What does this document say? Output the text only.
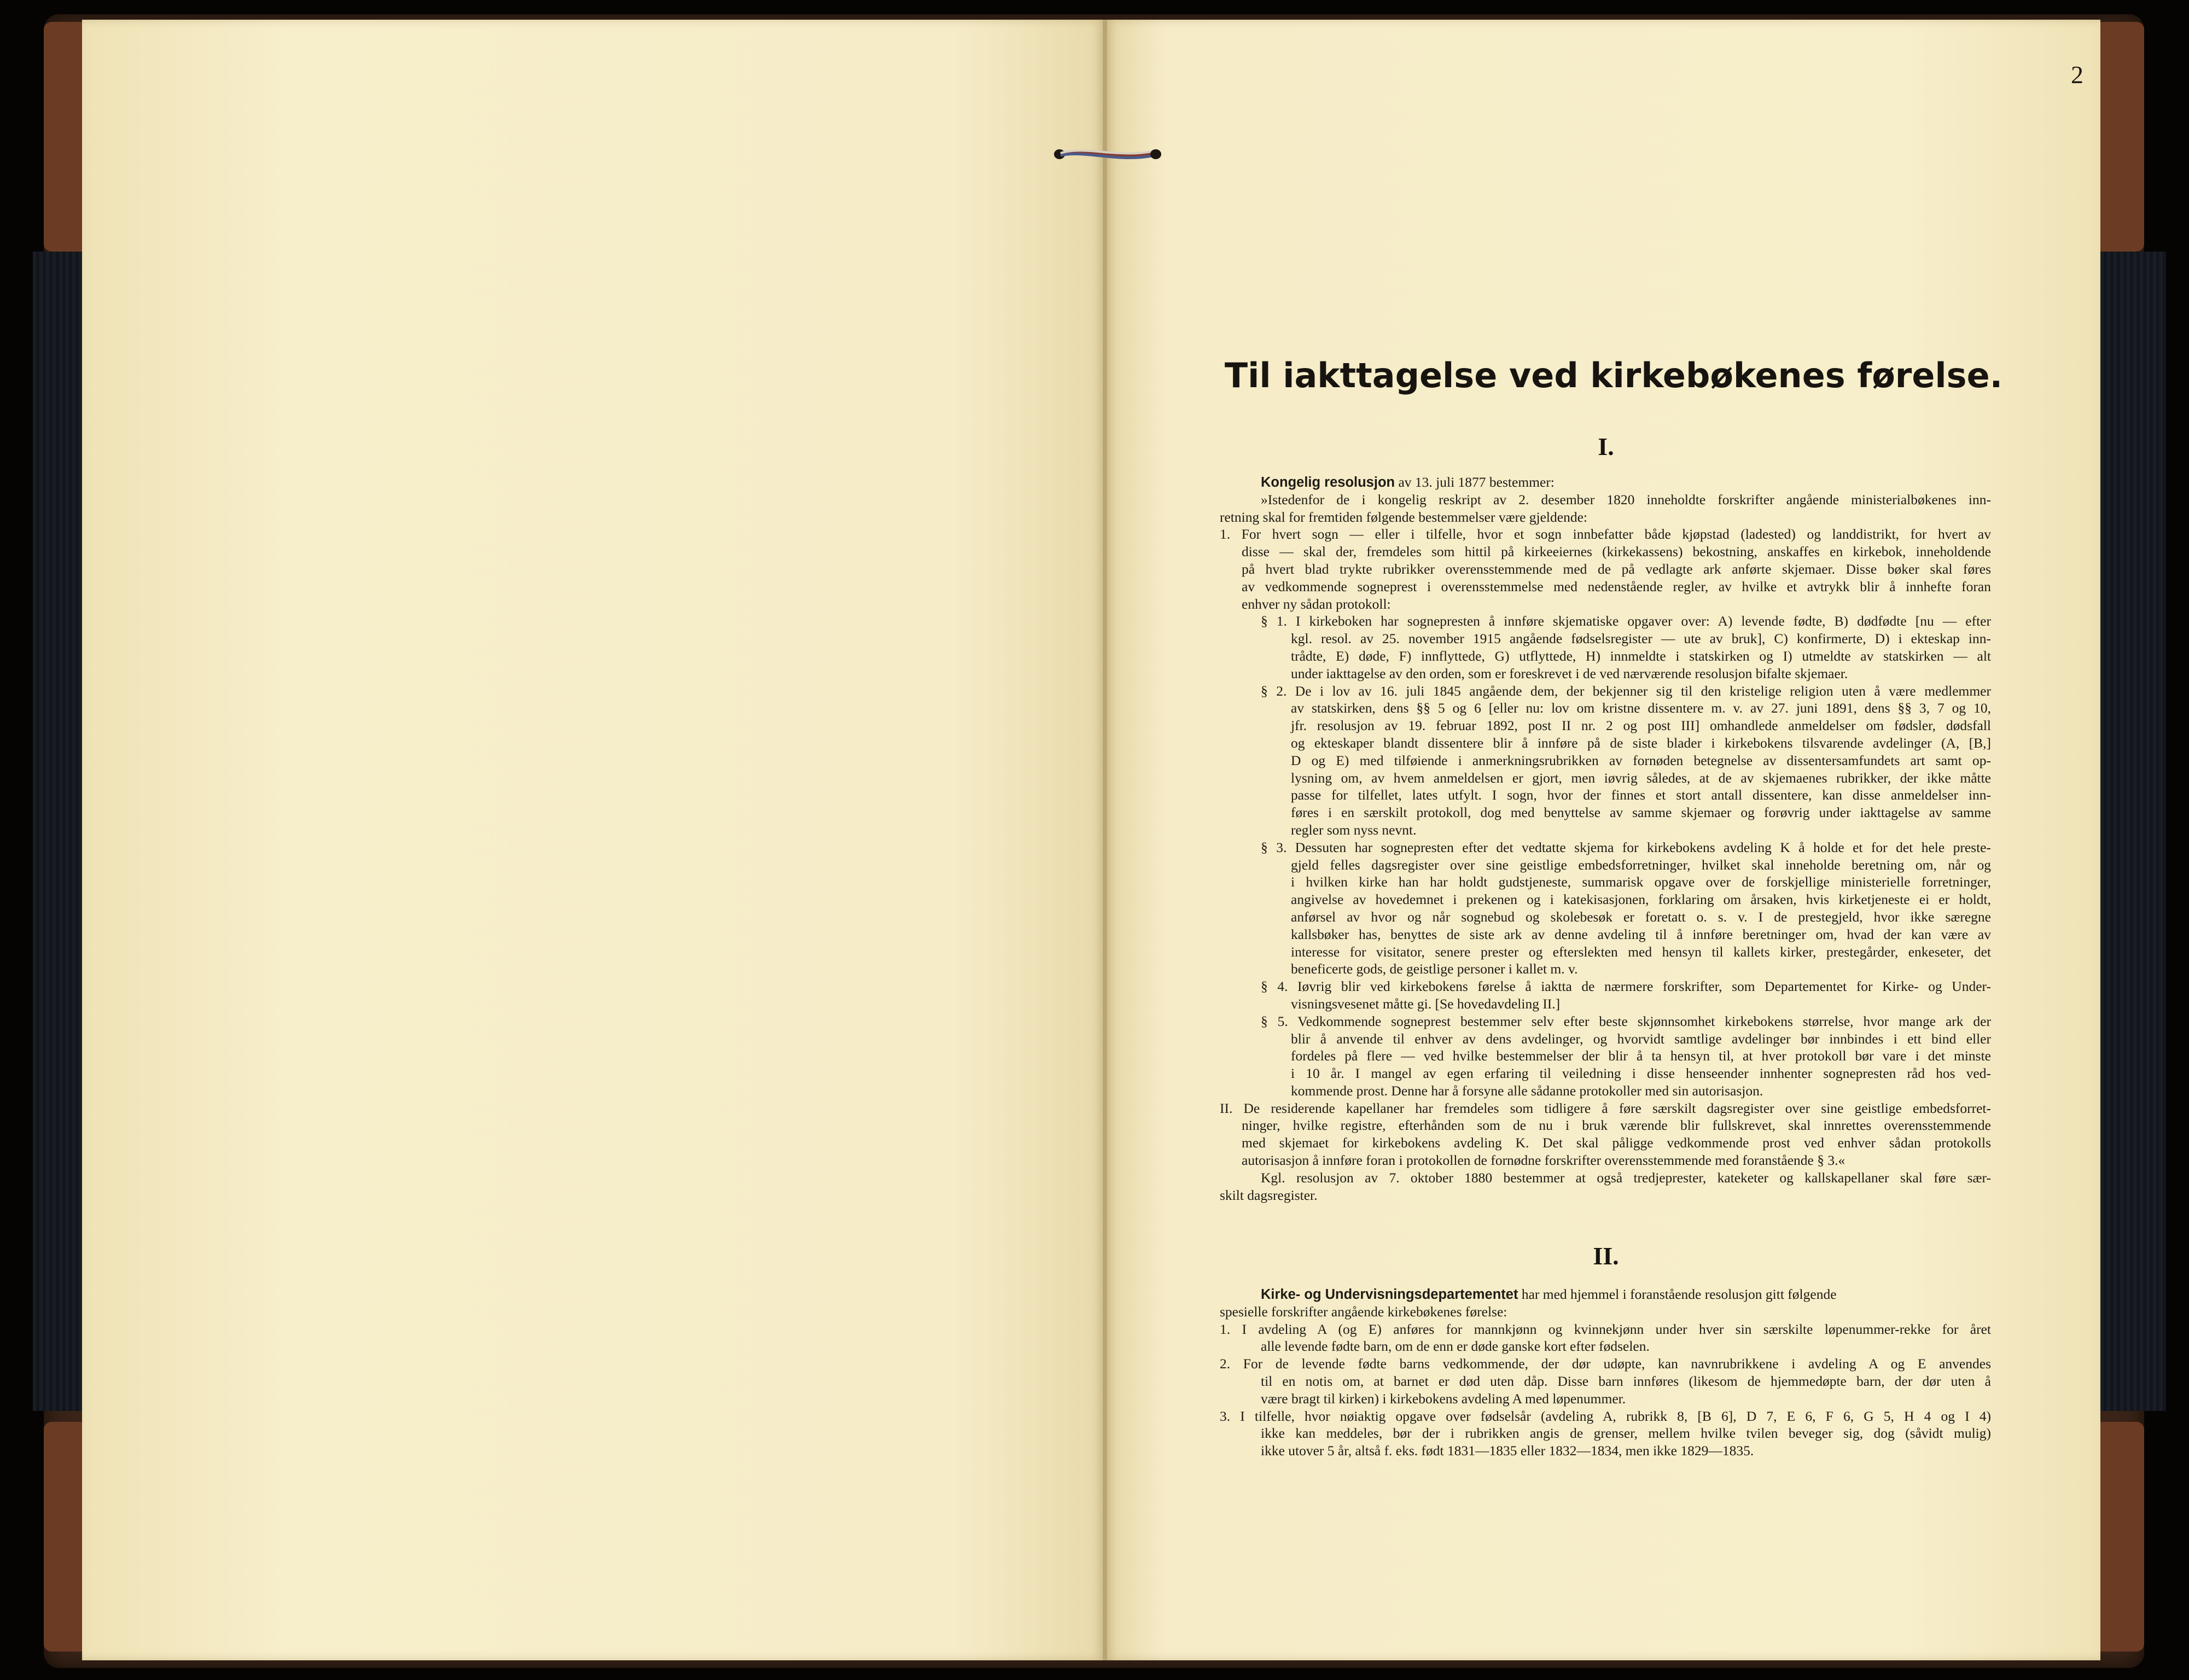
2
Til iakttagelse ved kirkebøkenes førelse.
I.
Kongelig resolusjon av 13. juli 1877 bestemmer:
»Istedenfor de i kongelig reskript av 2. desember 1820 inneholdte forskrifter angående ministerialbøkenes inn-
retning skal for fremtiden følgende bestemmelser være gjeldende:
1. For hvert sogn — eller i tilfelle, hvor et sogn innbefatter både kjøpstad (ladested) og landdistrikt, for hvert av
disse — skal der, fremdeles som hittil på kirkeeiernes (kirkekassens) bekostning, anskaffes en kirkebok, inneholdende
på hvert blad trykte rubrikker overensstemmende med de på vedlagte ark anførte skjemaer. Disse bøker skal føres
av vedkommende sogneprest i overensstemmelse med nedenstående regler, av hvilke et avtrykk blir å innhefte foran
enhver ny sådan protokoll:
§ 1. I kirkeboken har sognepresten å innføre skjematiske opgaver over: A) levende fødte, B) dødfødte [nu — efter
kgl. resol. av 25. november 1915 angående fødselsregister — ute av bruk], C) konfirmerte, D) i ekteskap inn-
trådte, E) døde, F) innflyttede, G) utflyttede, H) innmeldte i statskirken og I) utmeldte av statskirken — alt
under iakttagelse av den orden, som er foreskrevet i de ved nærværende resolusjon bifalte skjemaer.
§ 2. De i lov av 16. juli 1845 angående dem, der bekjenner sig til den kristelige religion uten å være medlemmer
av statskirken, dens §§ 5 og 6 [eller nu: lov om kristne dissentere m. v. av 27. juni 1891, dens §§ 3, 7 og 10,
jfr. resolusjon av 19. februar 1892, post II nr. 2 og post III] omhandlede anmeldelser om fødsler, dødsfall
og ekteskaper blandt dissentere blir å innføre på de siste blader i kirkebokens tilsvarende avdelinger (A, [B,]
D og E) med tilføiende i anmerkningsrubrikken av fornøden betegnelse av dissentersamfundets art samt op-
lysning om, av hvem anmeldelsen er gjort, men iøvrig således, at de av skjemaenes rubrikker, der ikke måtte
passe for tilfellet, lates utfylt. I sogn, hvor der finnes et stort antall dissentere, kan disse anmeldelser inn-
føres i en særskilt protokoll, dog med benyttelse av samme skjemaer og forøvrig under iakttagelse av samme
regler som nyss nevnt.
§ 3. Dessuten har sognepresten efter det vedtatte skjema for kirkebokens avdeling K å holde et for det hele preste-
gjeld felles dagsregister over sine geistlige embedsforretninger, hvilket skal inneholde beretning om, når og
i hvilken kirke han har holdt gudstjeneste, summarisk opgave over de forskjellige ministerielle forretninger,
angivelse av hovedemnet i prekenen og i katekisasjonen, forklaring om årsaken, hvis kirketjeneste ei er holdt,
anførsel av hvor og når sognebud og skolebesøk er foretatt o. s. v. I de prestegjeld, hvor ikke særegne
kallsbøker has, benyttes de siste ark av denne avdeling til å innføre beretninger om, hvad der kan være av
interesse for visitator, senere prester og efterslekten med hensyn til kallets kirker, prestegårder, enkeseter, det
beneficerte gods, de geistlige personer i kallet m. v.
§ 4. Iøvrig blir ved kirkebokens førelse å iaktta de nærmere forskrifter, som Departementet for Kirke- og Under-
visningsvesenet måtte gi. [Se hovedavdeling II.]
§ 5. Vedkommende sogneprest bestemmer selv efter beste skjønnsomhet kirkebokens størrelse, hvor mange ark der
blir å anvende til enhver av dens avdelinger, og hvorvidt samtlige avdelinger bør innbindes i ett bind eller
fordeles på flere — ved hvilke bestemmelser der blir å ta hensyn til, at hver protokoll bør vare i det minste
i 10 år. I mangel av egen erfaring til veiledning i disse henseender innhenter sognepresten råd hos ved-
kommende prost. Denne har å forsyne alle sådanne protokoller med sin autorisasjon.
II. De residerende kapellaner har fremdeles som tidligere å føre særskilt dagsregister over sine geistlige embedsforret-
ninger, hvilke registre, efterhånden som de nu i bruk værende blir fullskrevet, skal innrettes overensstemmende
med skjemaet for kirkebokens avdeling K. Det skal påligge vedkommende prost ved enhver sådan protokolls
autorisasjon å innføre foran i protokollen de fornødne forskrifter overensstemmende med foranstående § 3.«
Kgl. resolusjon av 7. oktober 1880 bestemmer at også tredjeprester, kateketer og kallskapellaner skal føre sær-
skilt dagsregister.
II.
Kirke- og Undervisningsdepartementet har med hjemmel i foranstående resolusjon gitt følgende
spesielle forskrifter angående kirkebøkenes førelse:
1. I avdeling A (og E) anføres for mannkjønn og kvinnekjønn under hver sin særskilte løpenummer-rekke for året
alle levende fødte barn, om de enn er døde ganske kort efter fødselen.
2. For de levende fødte barns vedkommende, der dør udøpte, kan navnrubrikkene i avdeling A og E anvendes
til en notis om, at barnet er død uten dåp. Disse barn innføres (likesom de hjemmedøpte barn, der dør uten å
være bragt til kirken) i kirkebokens avdeling A med løpenummer.
3. I tilfelle, hvor nøiaktig opgave over fødselsår (avdeling A, rubrikk 8, [B 6], D 7, E 6, F 6, G 5, H 4 og I 4)
ikke kan meddeles, bør der i rubrikken angis de grenser, mellem hvilke tvilen beveger sig, dog (såvidt mulig)
ikke utover 5 år, altså f. eks. født 1831—1835 eller 1832—1834, men ikke 1829—1835.
